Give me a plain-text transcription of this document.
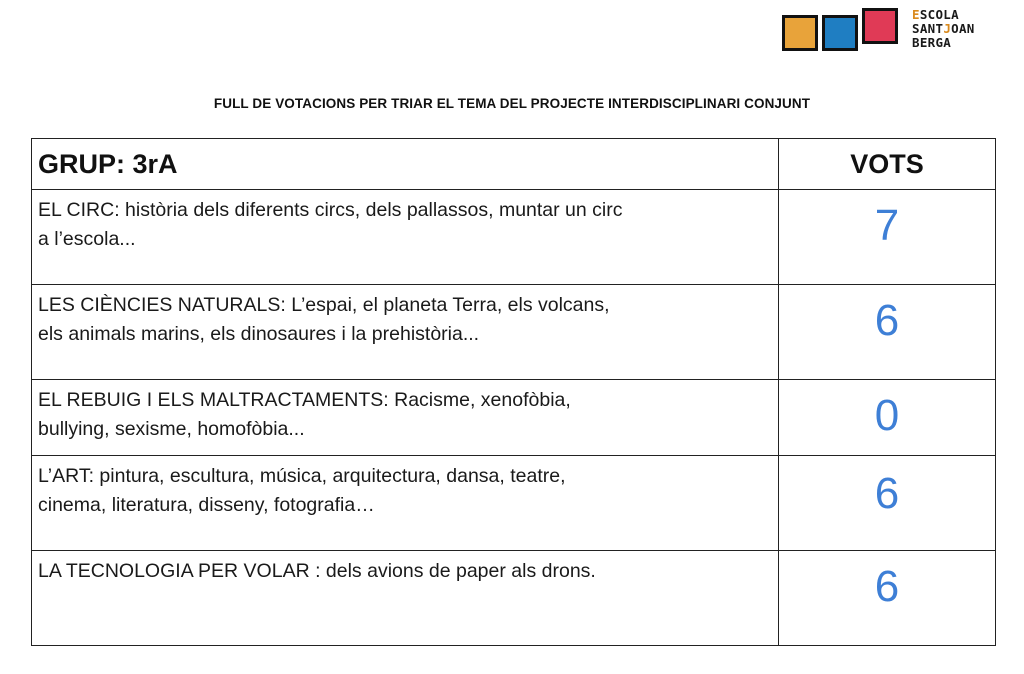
ESCOLA
SANTJOAN
BERGA
FULL DE VOTACIONS PER TRIAR EL TEMA DEL PROJECTE INTERDISCIPLINARI CONJUNT
GRUP: 3rA	VOTS

EL CIRC: història dels diferents circs, dels pallassos, muntar un circ
a l’escola...	7

LES CIÈNCIES NATURALS: L’espai, el planeta Terra, els volcans,
els animals marins, els dinosaures i la prehistòria...	6

EL REBUIG I ELS MALTRACTAMENTS: Racisme, xenofòbia,
bullying, sexisme, homofòbia...	0

L’ART: pintura, escultura, música, arquitectura, dansa, teatre,
cinema, literatura, disseny, fotografia…	6

LA TECNOLOGIA PER VOLAR : dels avions de paper als drons.	6
